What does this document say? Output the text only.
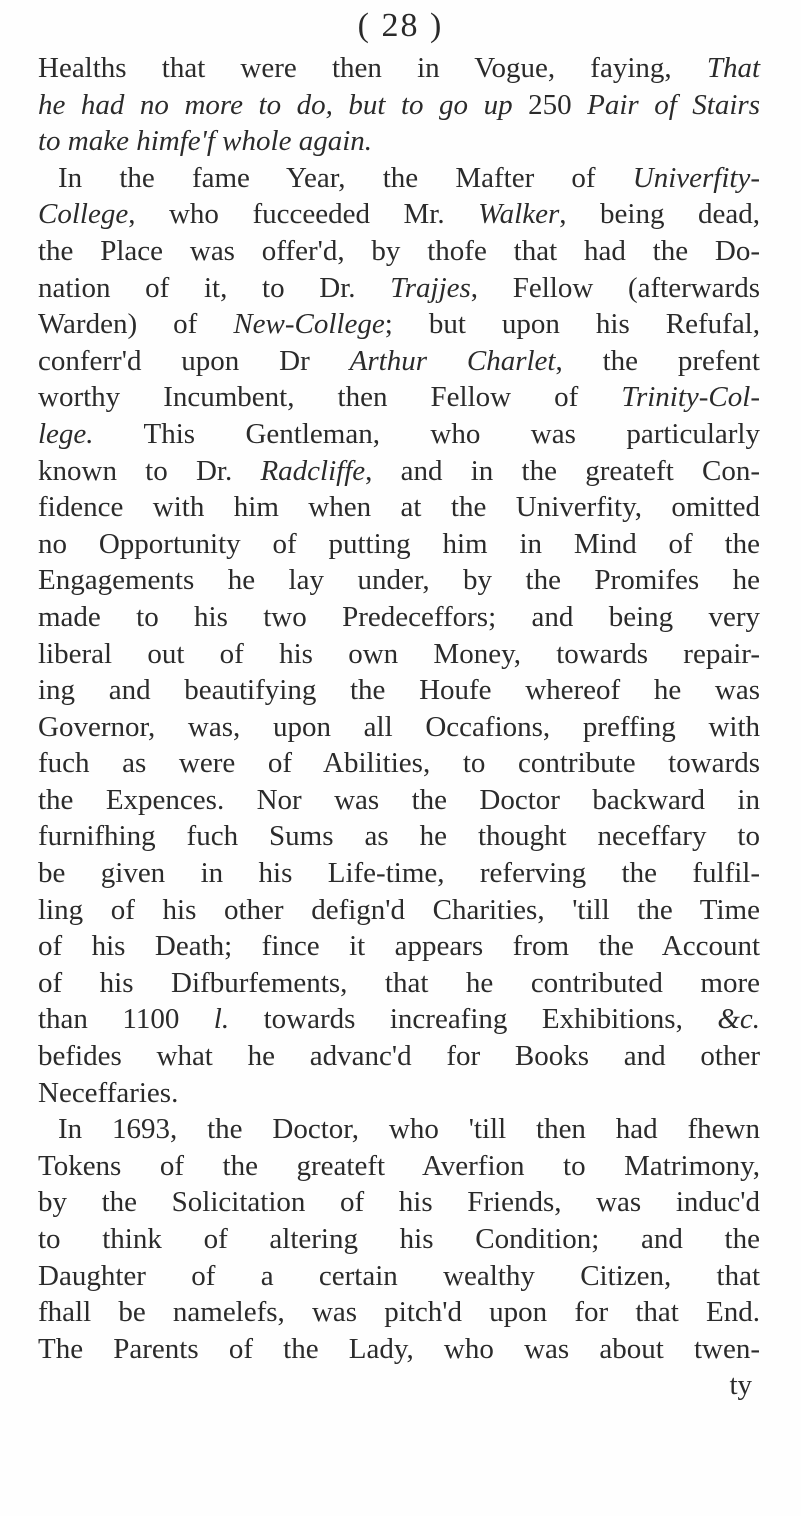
( 28 )
Healths that were then in Vogue, faying, That
he had no more to do, but to go up 250 Pair of Stairs
to make himfe'f whole again.
In the fame Year, the Mafter of Univerfity-
College, who fucceeded Mr. Walker, being dead,
the Place was offer'd, by thofe that had the Do-
nation of it, to Dr. Trajjes, Fellow (afterwards
Warden) of New-College; but upon his Refufal,
conferr'd upon Dr Arthur Charlet, the prefent
worthy Incumbent, then Fellow of Trinity-Col-
lege. This Gentleman, who was particularly
known to Dr. Radcliffe, and in the greateft Con-
fidence with him when at the Univerfity, omitted
no Opportunity of putting him in Mind of the
Engagements he lay under, by the Promifes he
made to his two Predeceffors; and being very
liberal out of his own Money, towards repair-
ing and beautifying the Houfe whereof he was
Governor, was, upon all Occafions, preffing with
fuch as were of Abilities, to contribute towards
the Expences. Nor was the Doctor backward in
furnifhing fuch Sums as he thought neceffary to
be given in his Life-time, referving the fulfil-
ling of his other defign'd Charities, 'till the Time
of his Death; fince it appears from the Account
of his Difburfements, that he contributed more
than 1100 l. towards increafing Exhibitions, &c.
befides what he advanc'd for Books and other
Neceffaries.
In 1693, the Doctor, who 'till then had fhewn
Tokens of the greateft Averfion to Matrimony,
by the Solicitation of his Friends, was induc'd
to think of altering his Condition; and the
Daughter of a certain wealthy Citizen, that
fhall be namelefs, was pitch'd upon for that End.
The Parents of the Lady, who was about twen-
ty
